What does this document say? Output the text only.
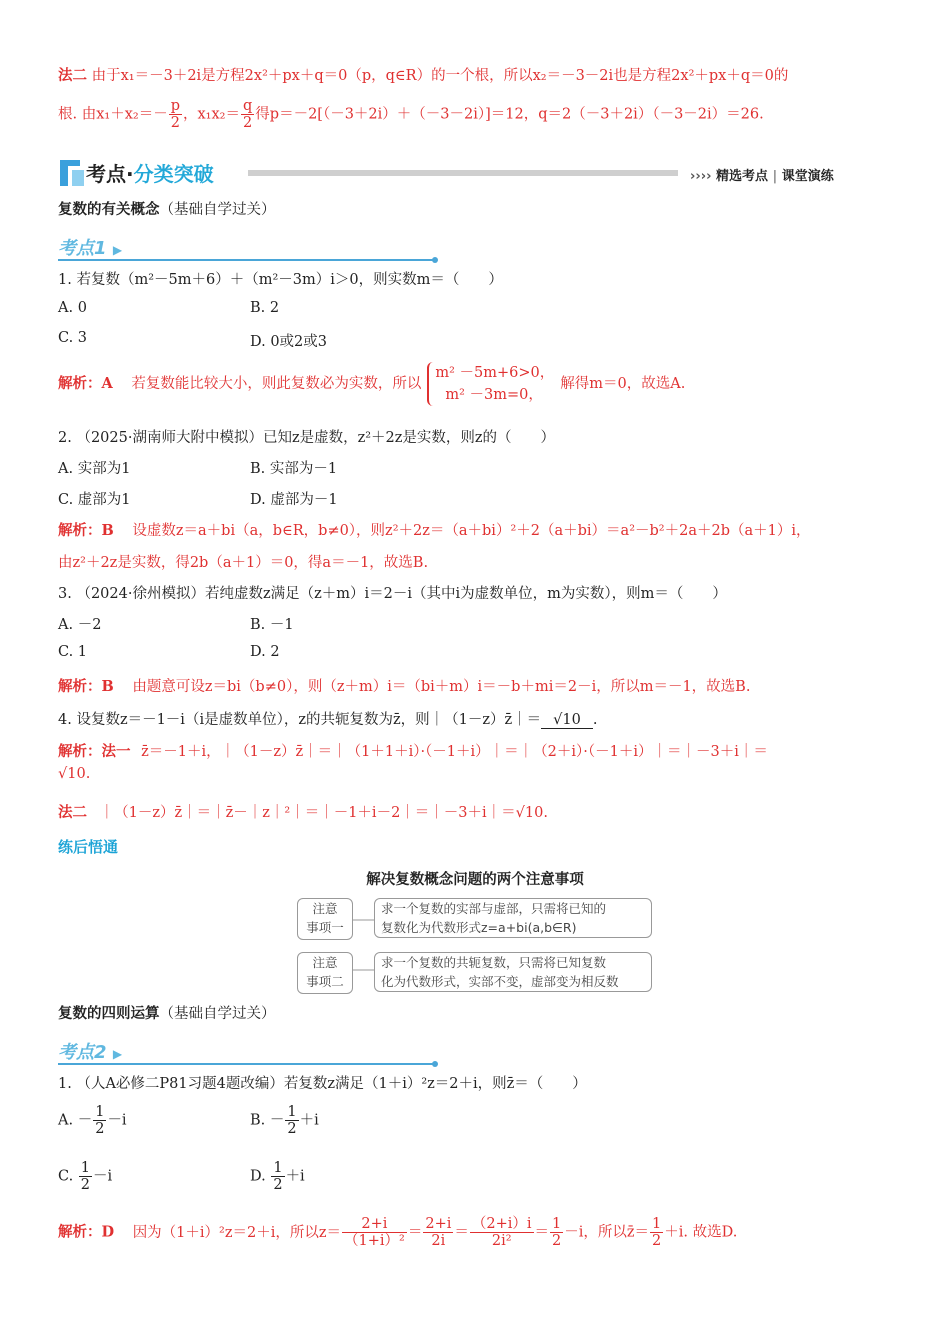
法二 由于x₁＝－3＋2i是方程2x²＋px＋q＝0（p，q∈R）的一个根，所以x₂＝－3－2i也是方程2x²＋px＋q＝0的
根. 由$x_1+x_2=- \frac{p}{2}$ ，$x_1x_2= \frac{q}{2}$ 得p＝－2[（－3＋2i）＋（－3－2i）]＝12，q＝2（－3＋2i）（－3－2i）＝26.
考点·分类突破	›››› 精选考点 | 课堂演练
复数的有关概念（基础自学过关）
考点1 ▶
1. 若复数（m²－5m＋6）＋（m²－3m）i＞0，则实数m＝（　　）
A. 0	B. 2
C. 3	D. 0或2或3
解析：A 若复数能比较大小，则此复数必为实数，所以
m² －5m+6>0，
m² －3m=0，
解得m＝0，故选A.
2. （2025·湖南师大附中模拟）已知z是虚数，z²＋2z是实数，则z的（　　）
A. 实部为1	B. 实部为－1
C. 虚部为1	D. 虚部为－1
解析：B 设虚数z＝a＋bi（a，b∈R，b≠0），则z²＋2z＝（a＋bi）²＋2（a＋bi）＝a²－b²＋2a＋2b（a＋1）i，
由z²＋2z是实数，得2b（a＋1）＝0，得a＝－1，故选B.
3. （2024·徐州模拟）若纯虚数z满足（z＋m）i＝2－i（其中i为虚数单位，m为实数），则m＝（　　）
A. －2	B. －1
C. 1	D. 2
解析：B 由题意可设z＝bi（b≠0），则（z＋m）i＝（bi＋m）i＝－b＋mi＝2－i，所以m＝－1，故选B.
4. 设复数z＝－1－i（i是虚数单位），z的共轭复数为z̄，则｜（1－z）z̄｜＝ √10 .
解析：法一 z̄＝－1＋i，｜（1－z）z̄｜＝｜（1＋1＋i）·（－1＋i）｜＝｜（2＋i）·（－1＋i）｜＝｜－3＋i｜＝
√10.
法二 ｜（1－z）z̄｜＝｜z̄－｜z｜²｜＝｜－1＋i－2｜＝｜－3＋i｜＝√10.
练后悟通
解决复数概念问题的两个注意事项
注意
事项一
求一个复数的实部与虚部，只需将已知的
复数化为代数形式z=a+bi(a,b∈R)
注意
事项二
求一个复数的共轭复数，只需将已知复数
化为代数形式，实部不变，虚部变为相反数
复数的四则运算（基础自学过关）
考点2 ▶
1. （人A必修二P81习题4题改编）若复数z满足（1＋i）²z＝2＋i，则z̄＝（　　）
A. － $\frac{1}{2} -i$	B. － $\frac{1}{2} +i$
C. $\frac{1}{2} -i$	D. $\frac{1}{2} +i$
解析：D 因为（1＋i）²z＝2＋i，所以$z= \frac{2+i}{\text{（1+i）²}} = \frac{2+i}{2i} = \frac{(2+i)i}{\text{2i²}} = \frac{1}{2} -i$，所以z̄＝ $\frac{1}{2} +i$. 故选D.
